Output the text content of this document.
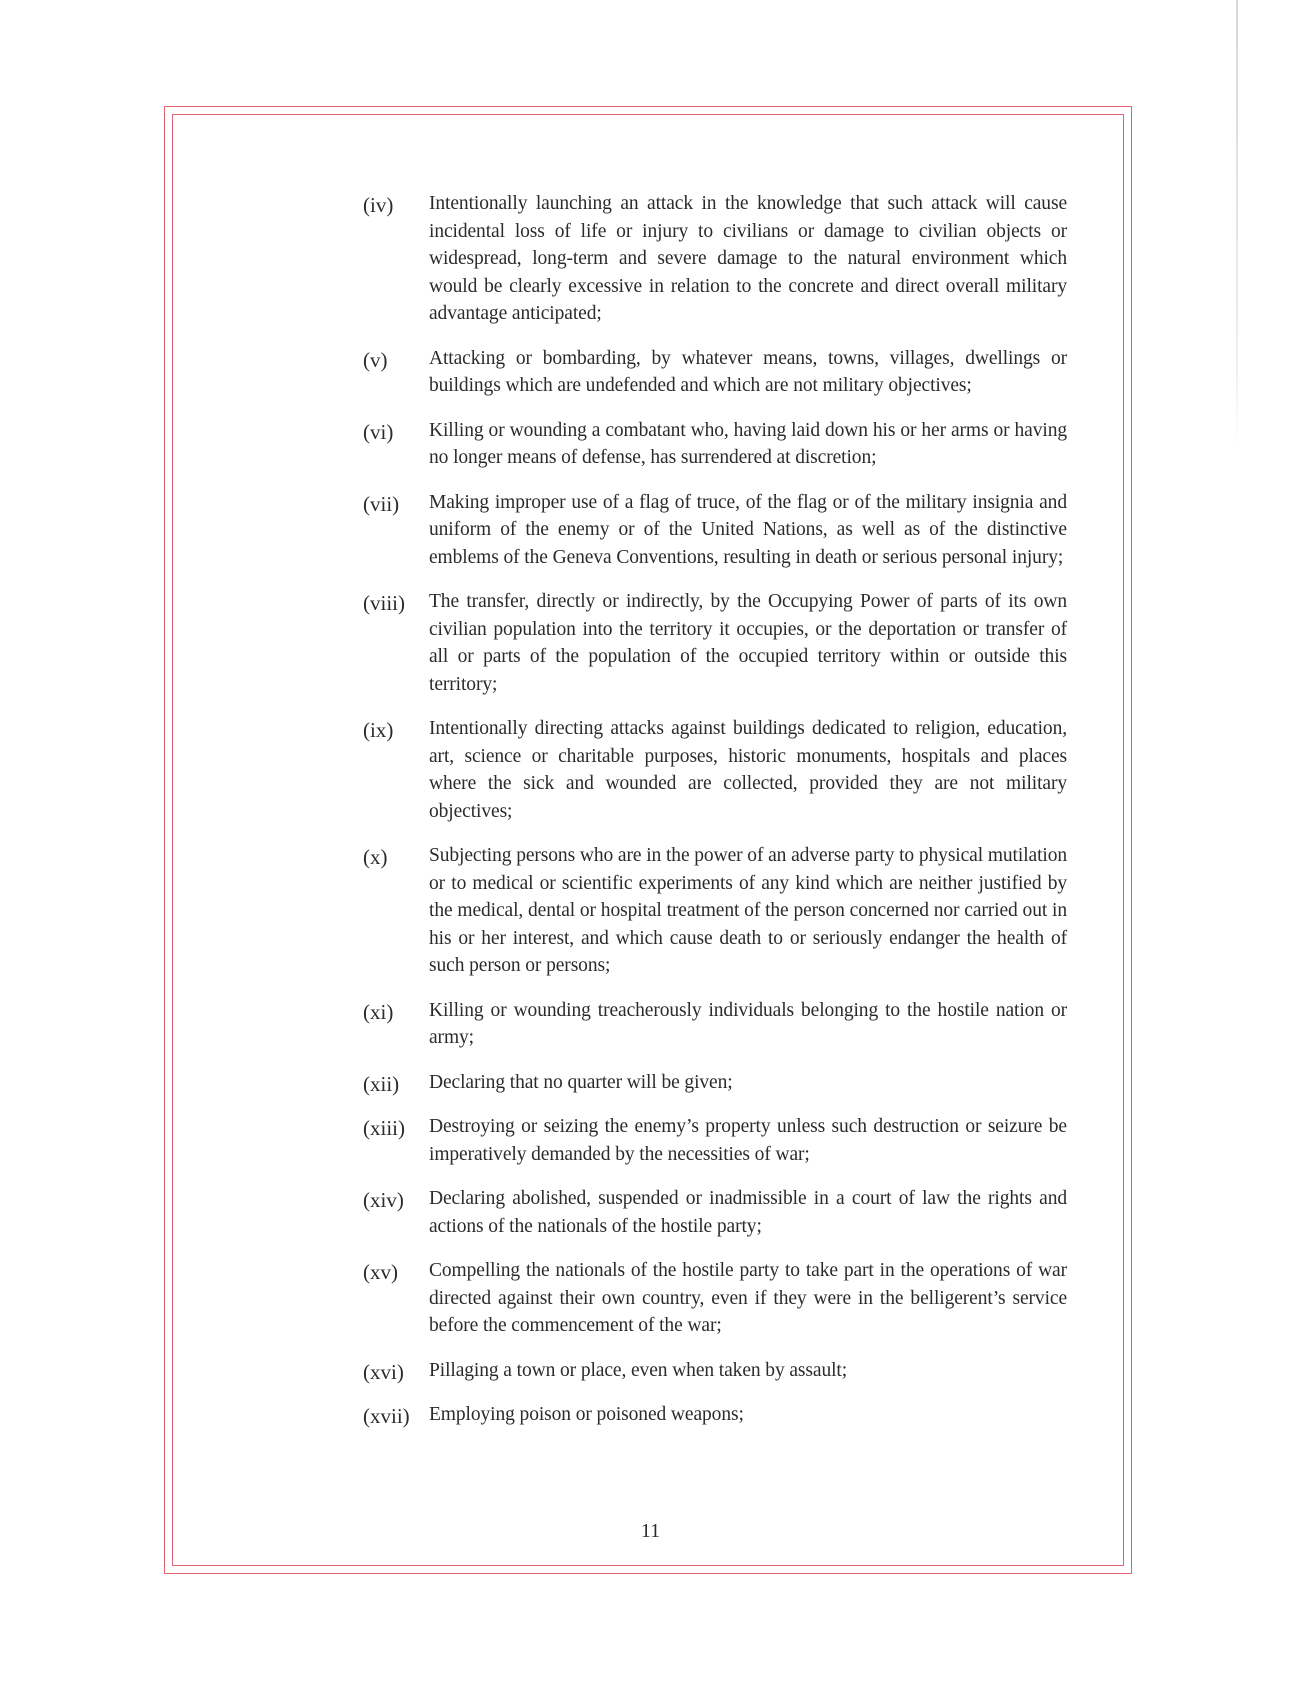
(iv) Intentionally launching an attack in the knowledge that such attack will cause incidental loss of life or injury to civilians or damage to civilian objects or widespread, long-term and severe damage to the natural environment which would be clearly excessive in relation to the concrete and direct overall military advantage anticipated;
(v) Attacking or bombarding, by whatever means, towns, villages, dwellings or buildings which are undefended and which are not military objectives;
(vi) Killing or wounding a combatant who, having laid down his or her arms or having no longer means of defense, has surrendered at discretion;
(vii) Making improper use of a flag of truce, of the flag or of the military insignia and uniform of the enemy or of the United Nations, as well as of the distinctive emblems of the Geneva Conventions, resulting in death or serious personal injury;
(viii) The transfer, directly or indirectly, by the Occupying Power of parts of its own civilian population into the territory it occupies, or the deportation or transfer of all or parts of the population of the occupied territory within or outside this territory;
(ix) Intentionally directing attacks against buildings dedicated to religion, education, art, science or charitable purposes, historic monuments, hospitals and places where the sick and wounded are collected, provided they are not military objectives;
(x) Subjecting persons who are in the power of an adverse party to physical mutilation or to medical or scientific experiments of any kind which are neither justified by the medical, dental or hospital treatment of the person concerned nor carried out in his or her interest, and which cause death to or seriously endanger the health of such person or persons;
(xi) Killing or wounding treacherously individuals belonging to the hostile nation or army;
(xii) Declaring that no quarter will be given;
(xiii) Destroying or seizing the enemy’s property unless such destruction or seizure be imperatively demanded by the necessities of war;
(xiv) Declaring abolished, suspended or inadmissible in a court of law the rights and actions of the nationals of the hostile party;
(xv) Compelling the nationals of the hostile party to take part in the operations of war directed against their own country, even if they were in the belligerent’s service before the commencement of the war;
(xvi) Pillaging a town or place, even when taken by assault;
(xvii) Employing poison or poisoned weapons;
11
